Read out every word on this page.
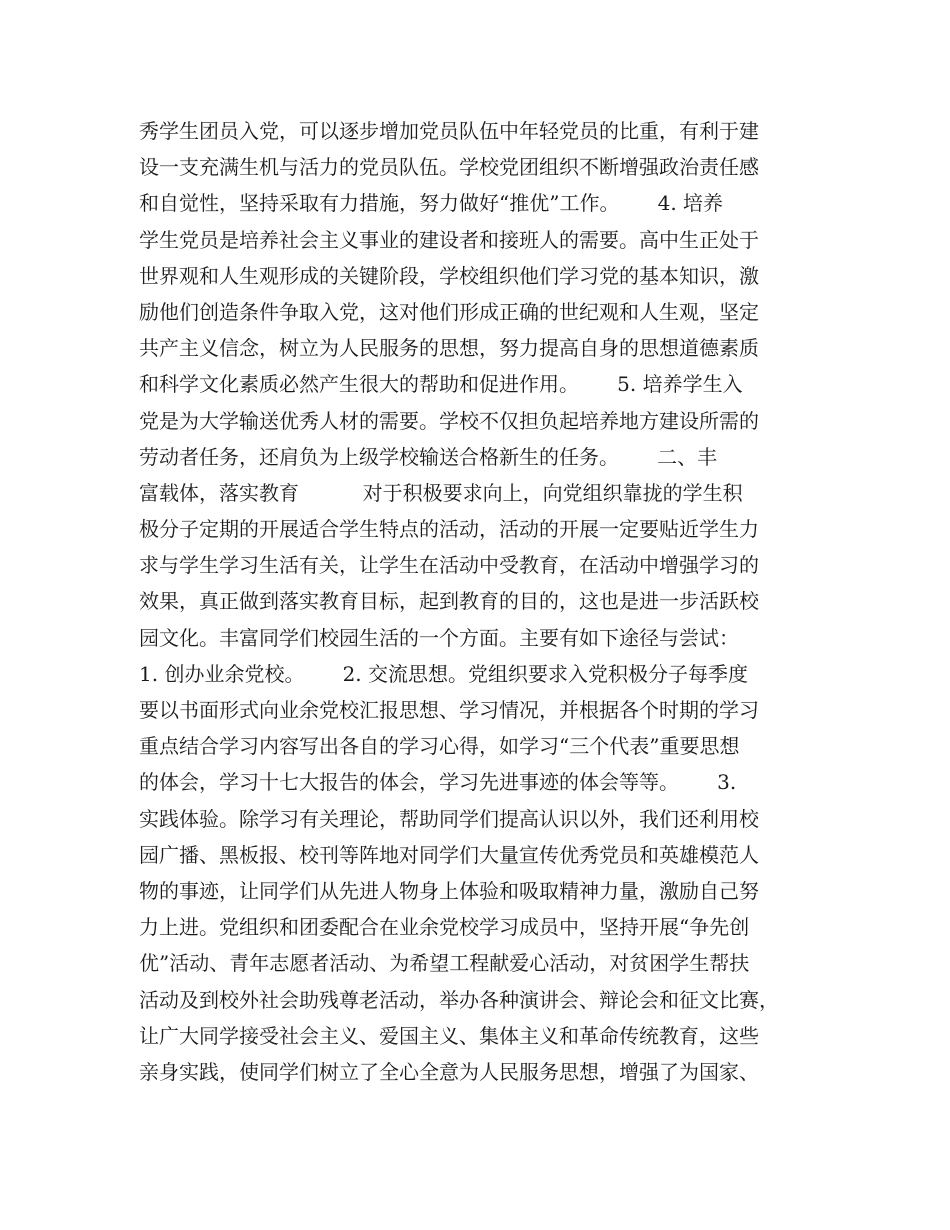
秀学生团员入党，可以逐步增加党员队伍中年轻党员的比重，有利于建
设一支充满生机与活力的党员队伍。学校党团组织不断增强政治责任感
和自觉性，坚持采取有力措施，努力做好“推优”工作。      4. 培养
学生党员是培养社会主义事业的建设者和接班人的需要。高中生正处于
世界观和人生观形成的关键阶段，学校组织他们学习党的基本知识，激
励他们创造条件争取入党，这对他们形成正确的世纪观和人生观，坚定
共产主义信念，树立为人民服务的思想，努力提高自身的思想道德素质
和科学文化素质必然产生很大的帮助和促进作用。      5. 培养学生入
党是为大学输送优秀人材的需要。学校不仅担负起培养地方建设所需的
劳动者任务，还肩负为上级学校输送合格新生的任务。      二、丰
富载体，落实教育          对于积极要求向上，向党组织靠拢的学生积
极分子定期的开展适合学生特点的活动，活动的开展一定要贴近学生力
求与学生学习生活有关，让学生在活动中受教育，在活动中增强学习的
效果，真正做到落实教育目标，起到教育的目的，这也是进一步活跃校
园文化。丰富同学们校园生活的一个方面。主要有如下途径与尝试：
1. 创办业余党校。      2. 交流思想。党组织要求入党积极分子每季度
要以书面形式向业余党校汇报思想、学习情况，并根据各个时期的学习
重点结合学习内容写出各自的学习心得，如学习“三个代表”重要思想
的体会，学习十七大报告的体会，学习先进事迹的体会等等。      3.
实践体验。除学习有关理论，帮助同学们提高认识以外，我们还利用校
园广播、黑板报、校刊等阵地对同学们大量宣传优秀党员和英雄模范人
物的事迹，让同学们从先进人物身上体验和吸取精神力量，激励自己努
力上进。党组织和团委配合在业余党校学习成员中，坚持开展“争先创
优”活动、青年志愿者活动、为希望工程献爱心活动，对贫困学生帮扶
活动及到校外社会助残尊老活动，举办各种演讲会、辩论会和征文比赛，
让广大同学接受社会主义、爱国主义、集体主义和革命传统教育，这些
亲身实践，使同学们树立了全心全意为人民服务思想，增强了为国家、
